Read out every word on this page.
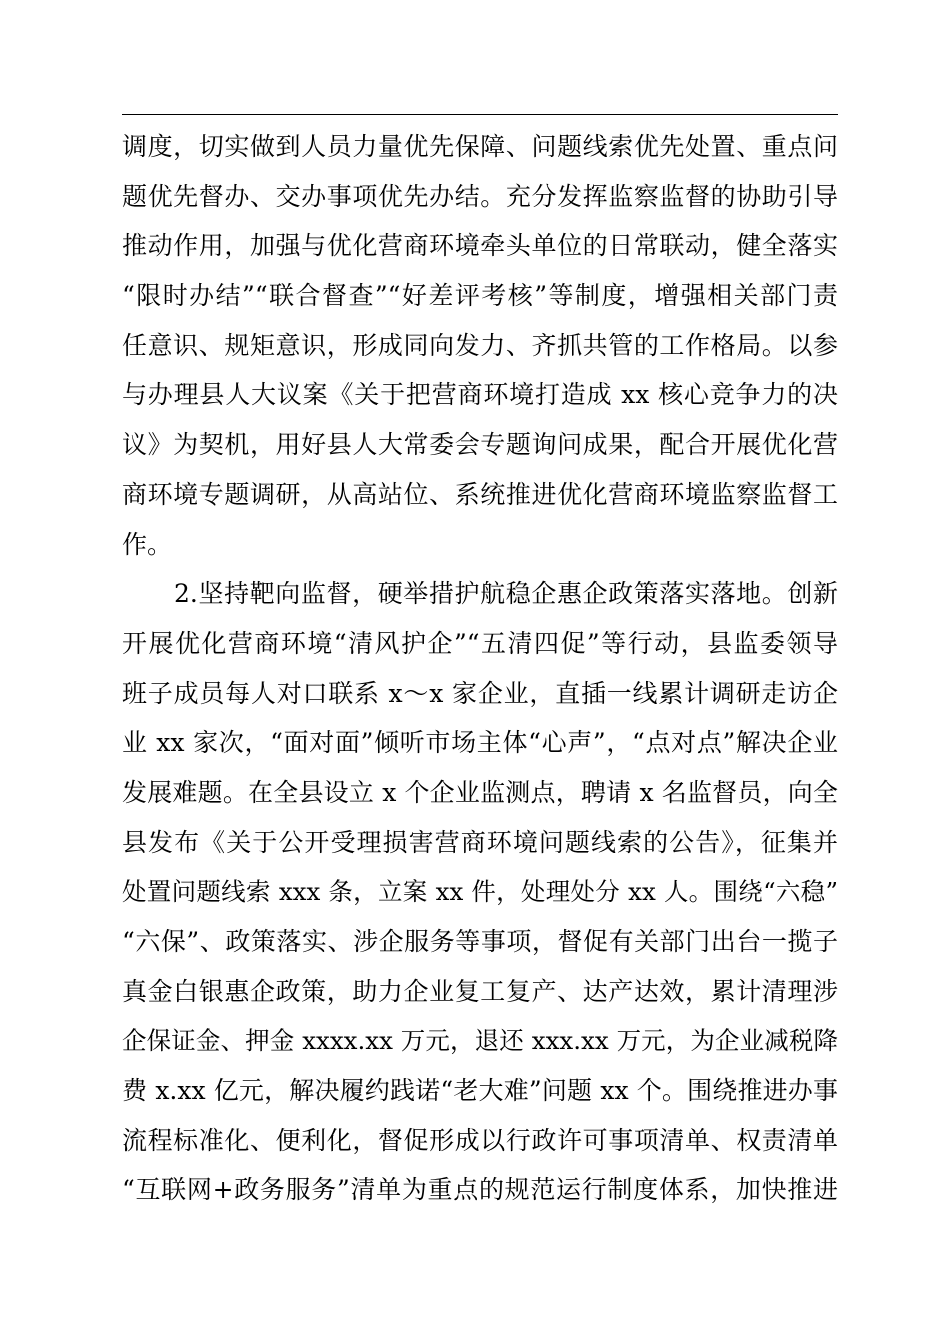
调度，切实做到人员力量优先保障、问题线索优先处置、重点问
题优先督办、交办事项优先办结。充分发挥监察监督的协助引导
推动作用，加强与优化营商环境牵头单位的日常联动，健全落实
“限时办结”“联合督查”“好差评考核”等制度，增强相关部门责
任意识、规矩意识，形成同向发力、齐抓共管的工作格局。以参
与办理县人大议案《关于把营商环境打造成 xx 核心竞争力的决
议》为契机，用好县人大常委会专题询问成果，配合开展优化营
商环境专题调研，从高站位、系统推进优化营商环境监察监督工
作。
2.坚持靶向监督，硬举措护航稳企惠企政策落实落地。创新
开展优化营商环境“清风护企”“五清四促”等行动，县监委领导
班子成员每人对口联系 x～x 家企业，直插一线累计调研走访企
业 xx 家次，“面对面”倾听市场主体“心声”，“点对点”解决企业
发展难题。在全县设立 x 个企业监测点，聘请 x 名监督员，向全
县发布《关于公开受理损害营商环境问题线索的公告》，征集并
处置问题线索 xxx 条，立案 xx 件，处理处分 xx 人。围绕“六稳”
“六保”、政策落实、涉企服务等事项，督促有关部门出台一揽子
真金白银惠企政策，助力企业复工复产、达产达效，累计清理涉
企保证金、押金 xxxx.xx 万元，退还 xxx.xx 万元，为企业减税降
费 x.xx 亿元，解决履约践诺“老大难”问题 xx 个。围绕推进办事
流程标准化、便利化，督促形成以行政许可事项清单、权责清单
“互联网+政务服务”清单为重点的规范运行制度体系，加快推进
